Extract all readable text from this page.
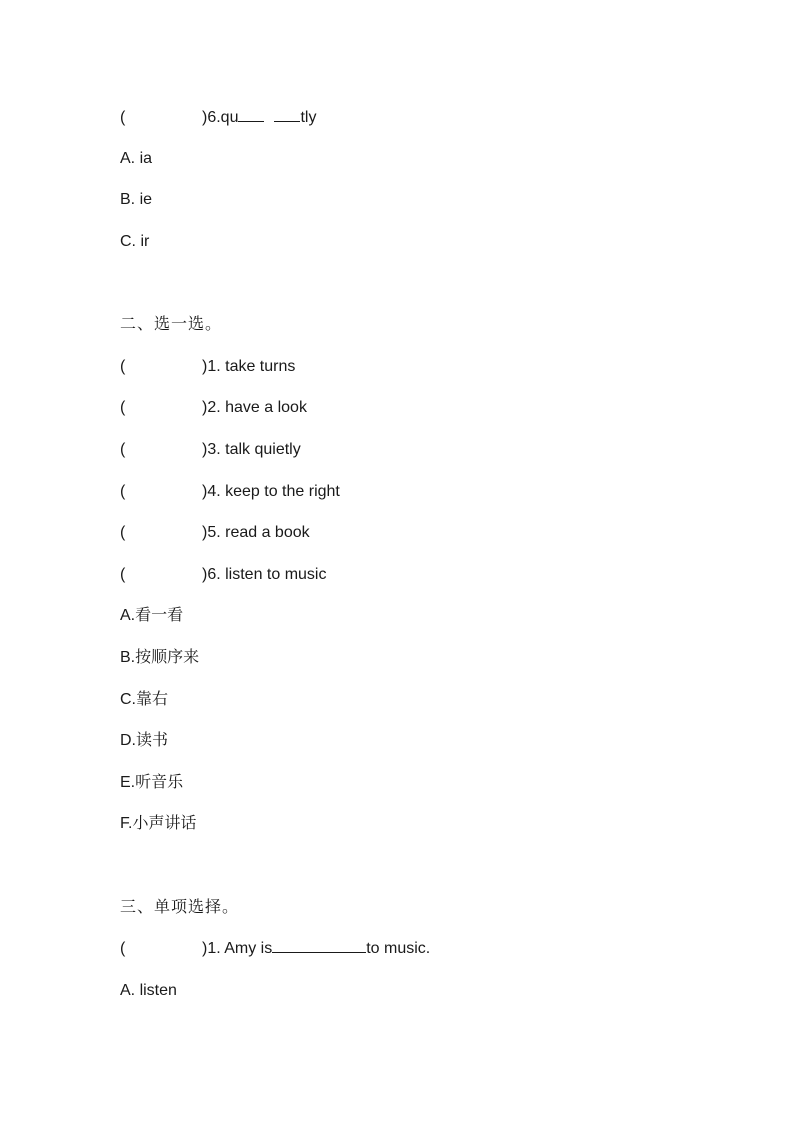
(	)6.qu	tly
A. ia
B. ie
C. ir
二、选一选。
(	)1. take turns
(	)2. have a look
(	)3. talk quietly
(	)4. keep to the right
(	)5. read a book
(	)6. listen to music
A.看一看
B.按顺序来
C.靠右
D.读书
E.听音乐
F.小声讲话
三、单项选择。
(	)1. Amy is	to music.
A. listen
